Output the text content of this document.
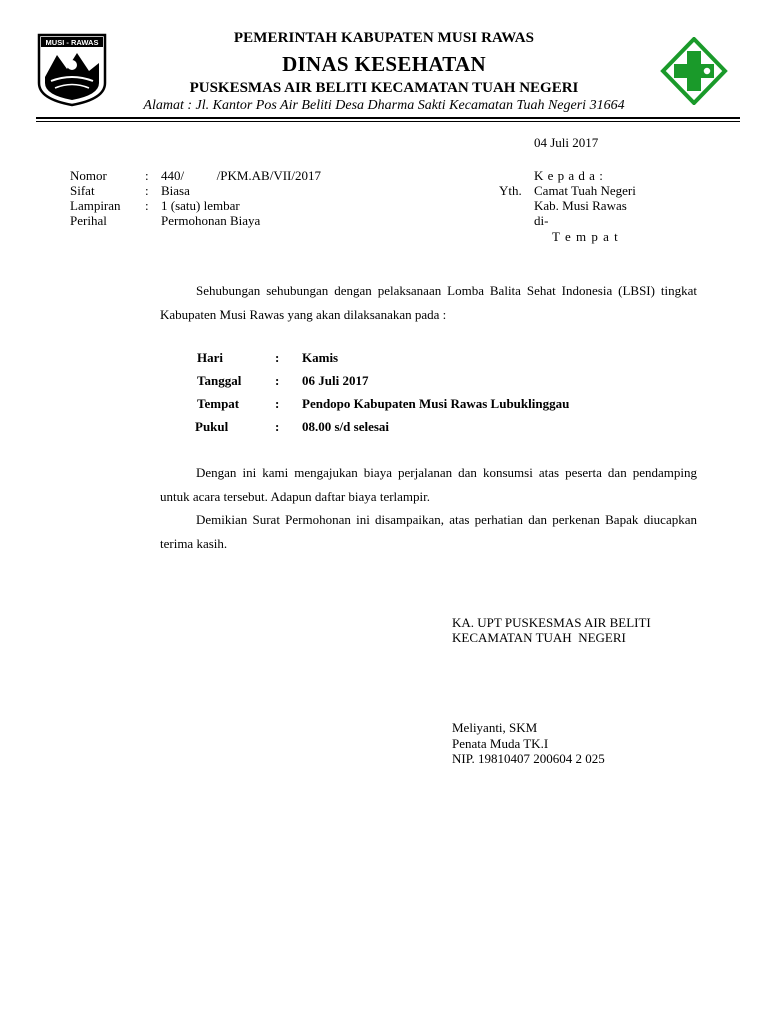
MUSI - RAWAS	PEMERINTAH KABUPATEN MUSI RAWAS
DINAS KESEHATAN
PUSKESMAS AIR BELITI KECAMATAN TUAH NEGERI
Alamat : Jl. Kantor Pos Air Beliti Desa Dharma Sakti Kecamatan Tuah Negeri 31664
04 Juli 2017
Nomor	: 440/          /PKM.AB/VII/2017
Sifat	: Biasa
Lampiran : 1 (satu) lembar
Perihal	Permohonan Biaya
K e p a d a :
Yth. Camat Tuah Negeri
Kab. Musi Rawas
di-
T e m p a t
Sehubungan sehubungan dengan pelaksanaan Lomba Balita Sehat Indonesia (LBSI) tingkat Kabupaten Musi Rawas yang akan dilaksanakan pada :
Hari	: Kamis
Tanggal	: 06 Juli 2017
Tempat	: Pendopo Kabupaten Musi Rawas Lubuklinggau
Pukul	: 08.00 s/d selesai
Dengan ini kami mengajukan biaya perjalanan dan konsumsi atas peserta dan pendamping untuk acara tersebut. Adapun daftar biaya terlampir.
Demikian Surat Permohonan ini disampaikan, atas perhatian dan perkenan Bapak diucapkan terima kasih.
KA. UPT PUSKESMAS AIR BELITI
KECAMATAN TUAH  NEGERI
Meliyanti, SKM
Penata Muda TK.I
NIP. 19810407 200604 2 025
